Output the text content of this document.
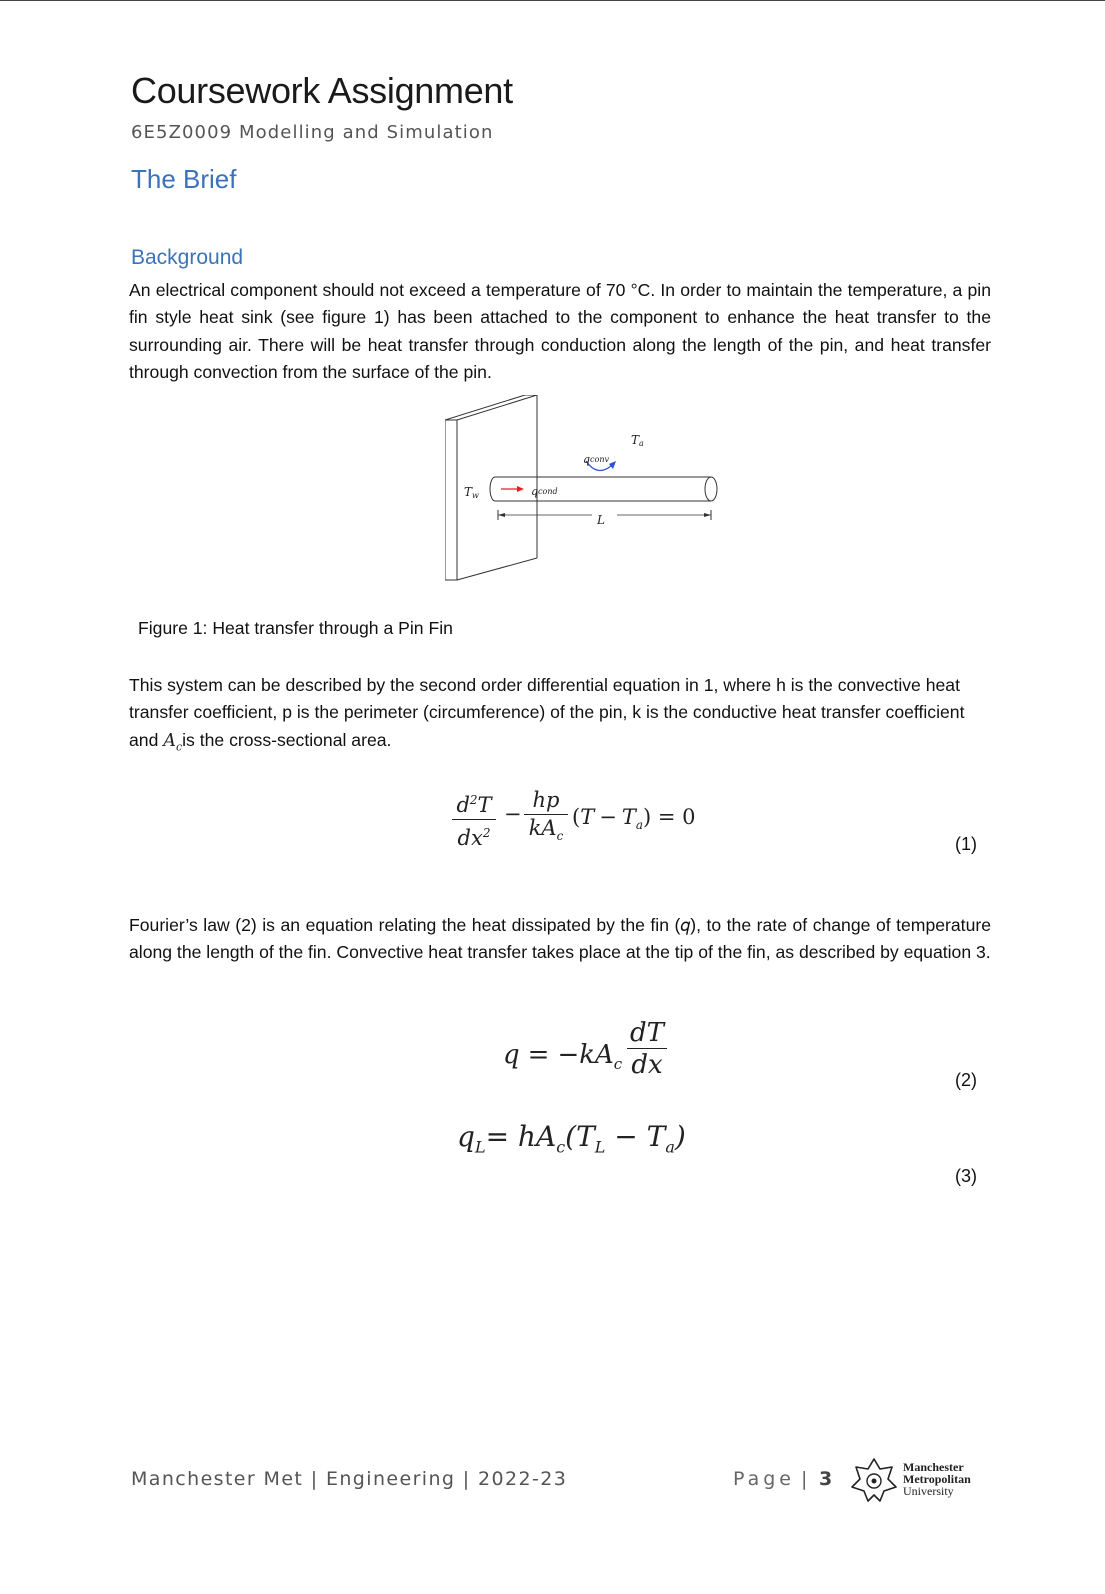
Coursework Assignment
6E5Z0009 Modelling and Simulation
The Brief
Background

An electrical component should not exceed a temperature of 70 °C. In order to maintain the temperature, a pin fin style heat sink (see figure 1) has been attached to the component to enhance the heat transfer to the surrounding air. There will be heat transfer through conduction along the length of the pin, and heat transfer through convection from the surface of the pin.

Ta
qconv
Tw	qcond
L
Figure 1: Heat transfer through a Pin Fin

This system can be described by the second order differential equation in 1, where h is the convective heat transfer coefficient, p is the perimeter (circumference) of the pin, k is the conductive heat transfer coefficient and $A_cis$ the cross-sectional area.

$d^2T$
$dx^2$
−
hp
$kA_c$
$(T - T_a) = 0$
(1)

Fourier’s law (2) is an equation relating the heat dissipated by the fin (𝑞), to the rate of change of temperature along the length of the fin. Convective heat transfer takes place at the tip of the fin, as described by equation 3.

$q = -kA_c$
dT
dx	(2)
$q_L= hA_c(T_L - T_a)$
(3)
Manchester Met | Engineering | 2022-23	Page | 3
Manchester
Metropolitan
University
